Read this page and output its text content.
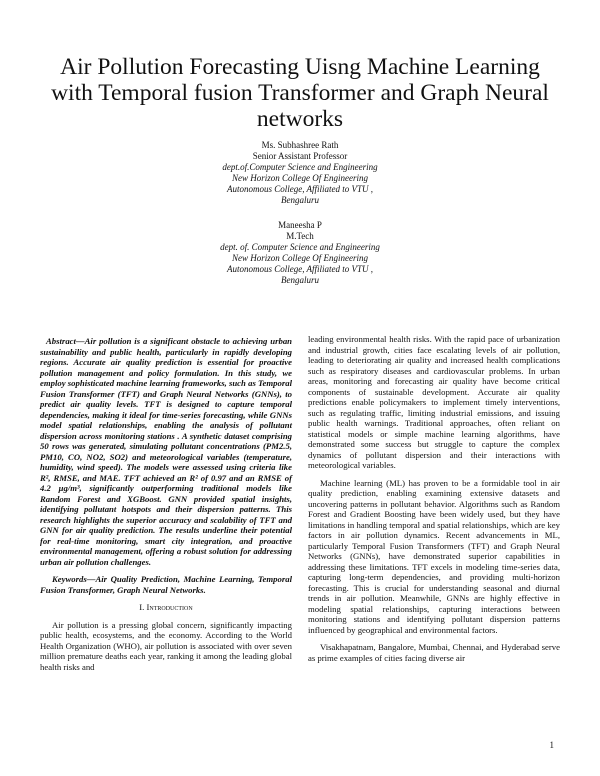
Air Pollution Forecasting Uisng Machine Learning with Temporal fusion Transformer and Graph Neural networks
Ms. Subhashree Rath
Senior Assistant Professor
dept.of.Computer Science and Engineering
New Horizon College Of Engineering
Autonomous College, Affiliated to VTU ,
Bengaluru
Maneesha P
M.Tech
dept. of. Computer Science and Engineering
New Horizon College Of Engineering
Autonomous College, Affiliated to VTU ,
Bengaluru

Abstract—Air pollution is a significant obstacle to achieving urban sustainability and public health, particularly in rapidly developing regions. Accurate air quality prediction is essential for proactive pollution management and policy formulation. In this study, we employ sophisticated machine learning frameworks, such as Temporal Fusion Transformer (TFT) and Graph Neural Networks (GNNs), to predict air quality levels. TFT is designed to capture temporal dependencies, making it ideal for time-series forecasting, while GNNs model spatial relationships, enabling the analysis of pollutant dispersion across monitoring stations . A synthetic dataset comprising 50 rows was generated, simulating pollutant concentrations (PM2.5, PM10, CO, NO2, SO2) and meteorological variables (temperature, humidity, wind speed). The models were assessed using criteria like R², RMSE, and MAE. TFT achieved an R² of 0.97 and an RMSE of 4.2 µg/m³, significantly outperforming traditional models like Random Forest and XGBoost. GNN provided spatial insights, identifying pollutant hotspots and their dispersion patterns. This research highlights the superior accuracy and scalability of TFT and GNN for air quality prediction. The results underline their potential for real-time monitoring, smart city integration, and proactive environmental management, offering a robust solution for addressing urban air pollution challenges.

Keywords—Air Quality Prediction, Machine Learning, Temporal Fusion Transformer, Graph Neural Networks.

I. Introduction

Air pollution is a pressing global concern, significantly impacting public health, ecosystems, and the economy. According to the World Health Organization (WHO), air pollution is associated with over seven million premature deaths each year, ranking it among the leading global health risks and

leading environmental health risks. With the rapid pace of urbanization and industrial growth, cities face escalating levels of air pollution, leading to deteriorating air quality and increased health complications such as respiratory diseases and cardiovascular problems. In urban areas, monitoring and forecasting air quality have become critical components of sustainable development. Accurate air quality predictions enable policymakers to implement timely interventions, such as regulating traffic, limiting industrial emissions, and issuing public health warnings. Traditional approaches, often reliant on statistical models or simple machine learning algorithms, have demonstrated some success but struggle to capture the complex dynamics of pollutant dispersion and their interactions with meteorological variables.

Machine learning (ML) has proven to be a formidable tool in air quality prediction, enabling examining extensive datasets and uncovering patterns in pollutant behavior. Algorithms such as Random Forest and Gradient Boosting have been widely used, but they have limitations in handling temporal and spatial relationships, which are key factors in air pollution dynamics. Recent advancements in ML, particularly Temporal Fusion Transformers (TFT) and Graph Neural Networks (GNNs), have demonstrated superior capabilities in addressing these limitations. TFT excels in modeling time-series data, capturing long-term dependencies, and providing multi-horizon forecasting. This is crucial for understanding seasonal and diurnal trends in air pollution. Meanwhile, GNNs are highly effective in modeling spatial relationships, capturing interactions between monitoring stations and identifying pollutant dispersion patterns influenced by geographical and environmental factors.

Visakhapatnam, Bangalore, Mumbai, Chennai, and Hyderabad serve as prime examples of cities facing diverse air

1
